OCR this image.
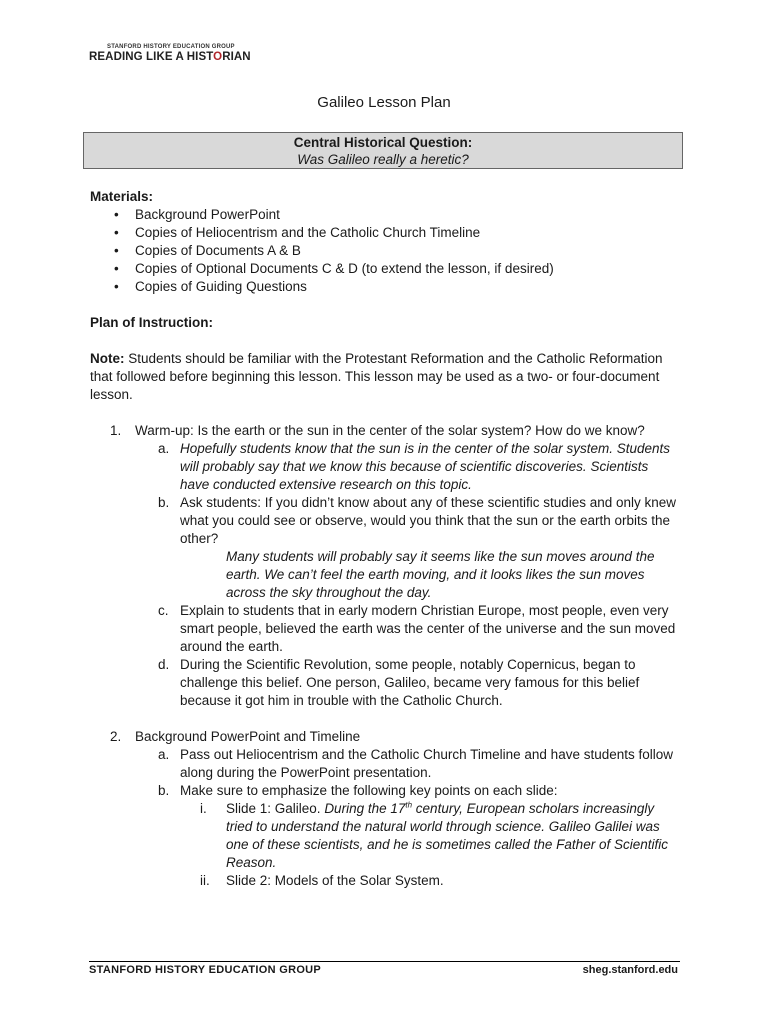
STANFORD HISTORY EDUCATION GROUP
READING LIKE A HISTORIAN
Galileo Lesson Plan
Central Historical Question:
Was Galileo really a heretic?
Materials:
• Background PowerPoint
• Copies of Heliocentrism and the Catholic Church Timeline
• Copies of Documents A & B
• Copies of Optional Documents C & D (to extend the lesson, if desired)
• Copies of Guiding Questions
Plan of Instruction:
Note: Students should be familiar with the Protestant Reformation and the Catholic Reformation that followed before beginning this lesson. This lesson may be used as a two- or four-document lesson.
1. Warm-up: Is the earth or the sun in the center of the solar system? How do we know?
a. Hopefully students know that the sun is in the center of the solar system. Students will probably say that we know this because of scientific discoveries. Scientists have conducted extensive research on this topic.
b. Ask students: If you didn’t know about any of these scientific studies and only knew what you could see or observe, would you think that the sun or the earth orbits the other?
Many students will probably say it seems like the sun moves around the earth. We can’t feel the earth moving, and it looks likes the sun moves across the sky throughout the day.
c. Explain to students that in early modern Christian Europe, most people, even very smart people, believed the earth was the center of the universe and the sun moved around the earth.
d. During the Scientific Revolution, some people, notably Copernicus, began to challenge this belief. One person, Galileo, became very famous for this belief because it got him in trouble with the Catholic Church.
2. Background PowerPoint and Timeline
a. Pass out Heliocentrism and the Catholic Church Timeline and have students follow along during the PowerPoint presentation.
b. Make sure to emphasize the following key points on each slide:
i. Slide 1: Galileo. During the 17th century, European scholars increasingly tried to understand the natural world through science. Galileo Galilei was one of these scientists, and he is sometimes called the Father of Scientific Reason.
ii. Slide 2: Models of the Solar System.
STANFORD HISTORY EDUCATION GROUP	sheg.stanford.edu
